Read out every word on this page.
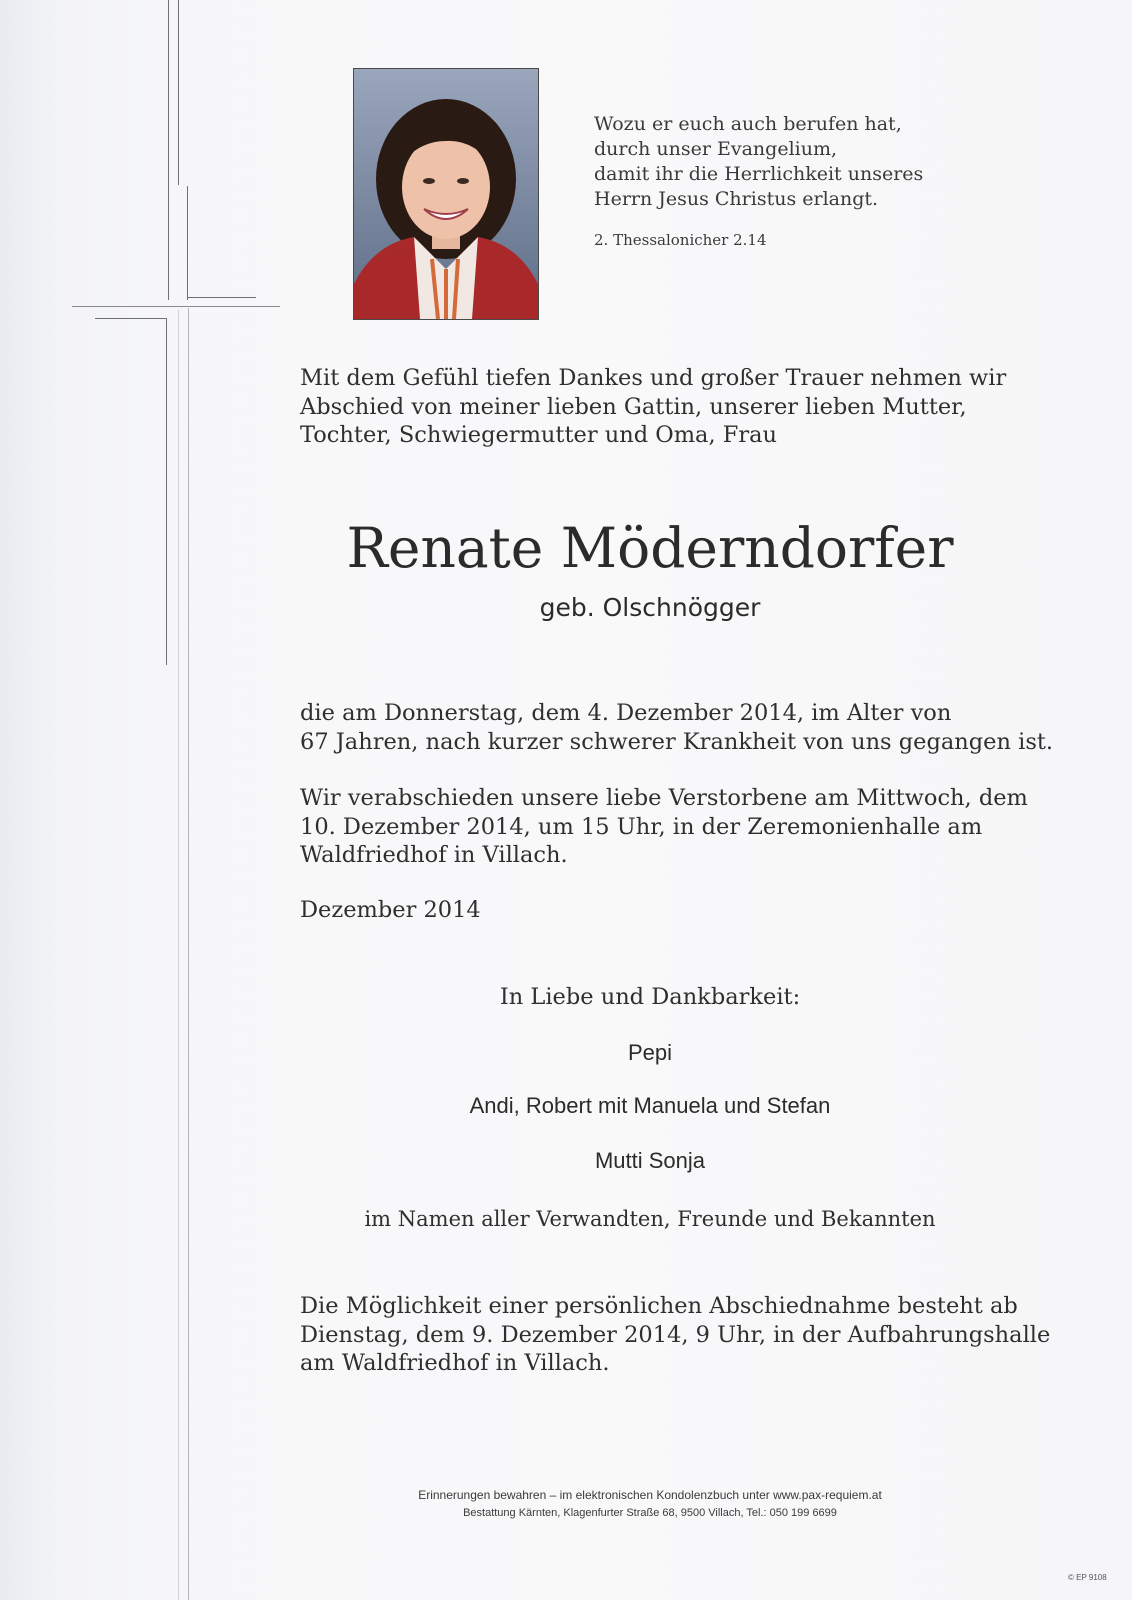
Wozu er euch auch berufen hat,
durch unser Evangelium,
damit ihr die Herrlichkeit unseres
Herrn Jesus Christus erlangt.
2. Thessalonicher 2.14
Mit dem Gefühl tiefen Dankes und großer Trauer nehmen wir
Abschied von meiner lieben Gattin, unserer lieben Mutter,
Tochter, Schwiegermutter und Oma, Frau
Renate Möderndorfer
geb. Olschnögger
die am Donnerstag, dem 4. Dezember 2014, im Alter von
67 Jahren, nach kurzer schwerer Krankheit von uns gegangen ist.
Wir verabschieden unsere liebe Verstorbene am Mittwoch, dem
10. Dezember 2014, um 15 Uhr, in der Zeremonienhalle am
Waldfriedhof in Villach.
Dezember 2014
In Liebe und Dankbarkeit:
Pepi
Andi, Robert mit Manuela und Stefan
Mutti Sonja
im Namen aller Verwandten, Freunde und Bekannten
Die Möglichkeit einer persönlichen Abschiednahme besteht ab
Dienstag, dem 9. Dezember 2014, 9 Uhr, in der Aufbahrungshalle
am Waldfriedhof in Villach.
Erinnerungen bewahren – im elektronischen Kondolenzbuch unter www.pax-requiem.at
Bestattung Kärnten, Klagenfurter Straße 68, 9500 Villach, Tel.: 050 199 6699
© EP 9108
